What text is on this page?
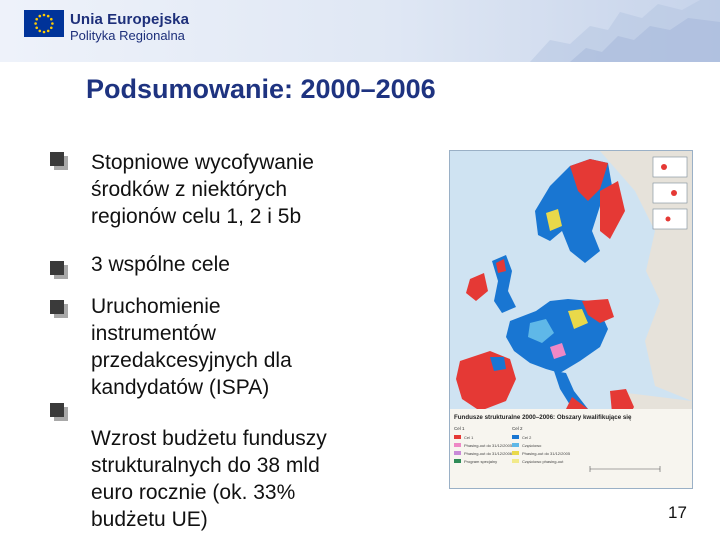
Unia Europejska
Polityka Regionalna
Podsumowanie: 2000–2006
Stopniowe wycofywanie
środków z niektórych
regionów celu 1, 2 i 5b
3 wspólne cele
Uruchomienie
instrumentów
przedakcesyjnych dla
kandydatów (ISPA)
Wzrost budżetu funduszy
strukturalnych do 38 mld
euro rocznie (ok. 33%
budżetu UE)
Fundusze strukturalne 2000–2006: Obszary kwalifikujące się
Cel 1	Cel 2
Cel 1
Phasing-out do 31/12/2005
Phasing-out do 31/12/2006
Program specjalny
Cel 2
Częściowo
Phasing-out do 31/12/2005
Częściowo phasing-out
17
